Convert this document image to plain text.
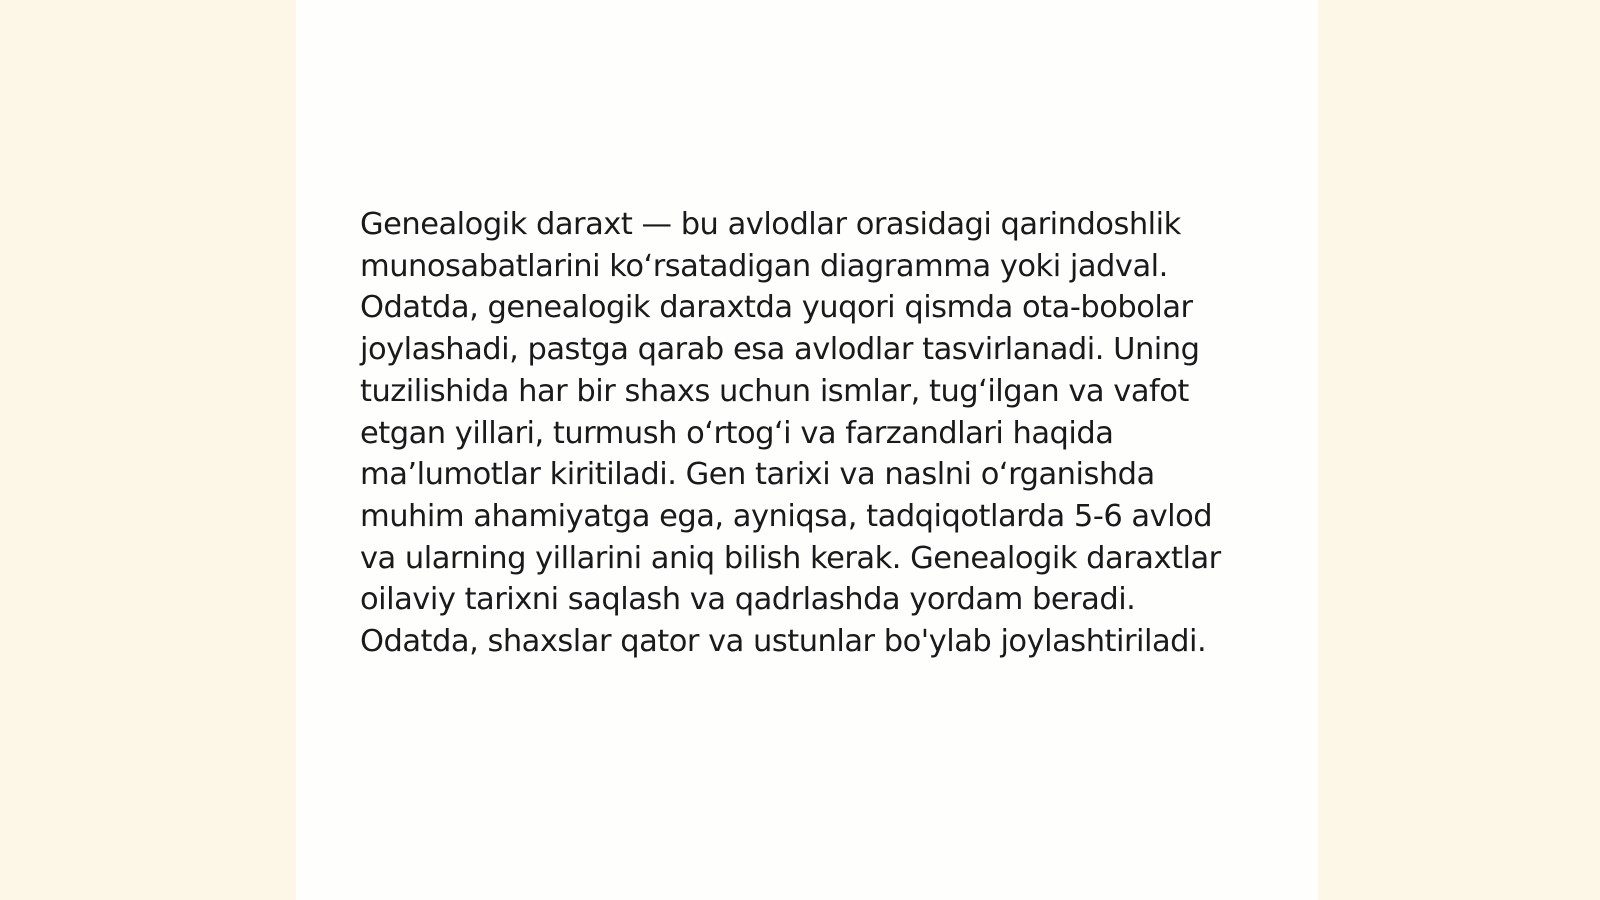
Genealogik daraxt — bu avlodlar orasidagi qarindoshlik munosabatlarini koʻrsatadigan diagramma yoki jadval. Odatda, genealogik daraxtda yuqori qismda ota-bobolar joylashadi, pastga qarab esa avlodlar tasvirlanadi. Uning tuzilishida har bir shaxs uchun ismlar, tugʻilgan va vafot etgan yillari, turmush oʻrtogʻi va farzandlari haqida maʼlumotlar kiritiladi. Gen tarixi va naslni oʻrganishda muhim ahamiyatga ega, ayniqsa, tadqiqotlarda 5-6 avlod va ularning yillarini aniq bilish kerak. Genealogik daraxtlar oilaviy tarixni saqlash va qadrlashda yordam beradi. Odatda, shaxslar qator va ustunlar bo'ylab joylashtiriladi.
